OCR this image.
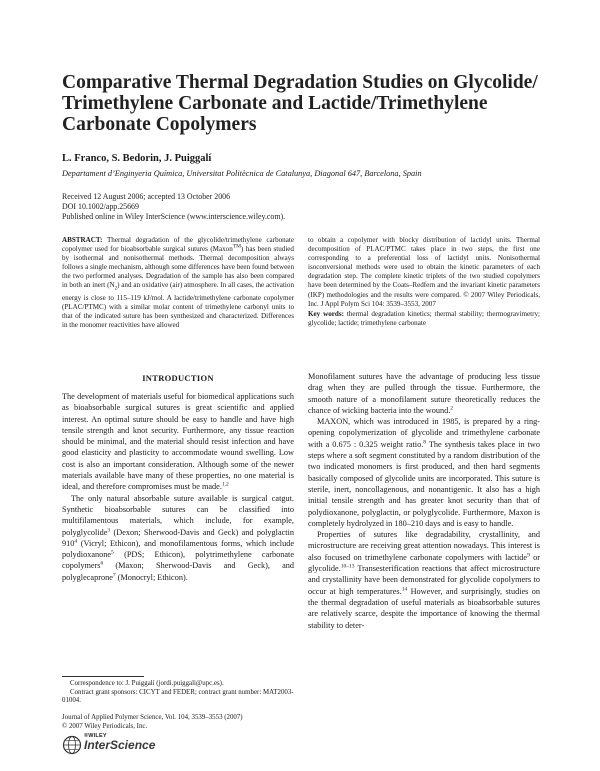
Comparative Thermal Degradation Studies on Glycolide/ Trimethylene Carbonate and Lactide/Trimethylene Carbonate Copolymers
L. Franco, S. Bedorin, J. Puiggalí
Departament d’Enginyeria Química, Universitat Politècnica de Catalunya, Diagonal 647, Barcelona, Spain
Received 12 August 2006; accepted 13 October 2006
DOI 10.1002/app.25669
Published online in Wiley InterScience (www.interscience.wiley.com).
ABSTRACT: Thermal degradation of the glycolide/trimethylene carbonate copolymer used for bioabsorbable surgical sutures (Maxon™) has been studied by isothermal and nonisothermal methods. Thermal decomposition always follows a single mechanism, although some differences have been found between the two performed analyses. Degradation of the sample has also been compared in both an inert $(N_2)$ and an oxidative (air) atmosphere. In all cases, the activation energy is close to 115–119 kJ/mol. A lactide/trimethylene carbonate copolymer (PLAC/PTMC) with a similar molar content of trimethylene carbonyl units to that of the indicated suture has been synthesized and characterized. Differences in the monomer reactivities have allowed
to obtain a copolymer with blocky distribution of lactidyl units. Thermal decomposition of PLAC/PTMC takes place in two steps, the first one corresponding to a preferential loss of lactidyl units. Nonisothermal isoconversional methods were used to obtain the kinetic parameters of each degradation step. The complete kinetic triplets of the two studied copolymers have been determined by the Coats–Redfern and the invariant kinetic parameters (IKP) methodologies and the results were compared. © 2007 Wiley Periodicals, Inc. J Appl Polym Sci 104: 3539–3553, 2007
Key words: thermal degradation kinetics; thermal stability; thermogravimetry; glycolide; lactide; trimethylene carbonate
INTRODUCTION

The development of materials useful for biomedical applications such as bioabsorbable surgical sutures is great scientific and applied interest. An optimal suture should be easy to handle and have high tensile strength and knot security. Furthermore, any tissue reaction should be minimal, and the material should resist infection and have good elasticity and plasticity to accommodate wound swelling. Low cost is also an important consideration. Although some of the newer materials available have many of these properties, no one material is ideal, and therefore compromises must be made.$^{1,2}$

The only natural absorbable suture available is surgical catgut. Synthetic bioabsorbable sutures can be classified into multifilamentous materials, which include, for example, polyglycolide$^3$ (Dexon; Sherwood-Davis and Geck) and polyglactin $910^4$ (Vicryl; Ethicon), and monofilamentous forms, which include polydioxanone$^5$ (PDS; Ethicon), polytrimethylene carbonate copolymers$^6$ (Maxon; Sherwood-Davis and Geck), and polyglecaprone$^7$ (Monocryl; Ethicon).

Monofilament sutures have the advantage of producing less tissue drag when they are pulled through the tissue. Furthermore, the smooth nature of a monofilament suture theoretically reduces the chance of wicking bacteria into the wound.$^2$

MAXON, which was introduced in 1985, is prepared by a ring-opening copolymerization of glycolide and trimethylene carbonate with a 0.675 : 0.325 weight ratio.$^8$ The synthesis takes place in two steps where a soft segment constituted by a random distribution of the two indicated monomers is first produced, and then hard segments basically composed of glycolide units are incorporated. This suture is sterile, inert, noncollagenous, and nonantigenic. It also has a high initial tensile strength and has greater knot security than that of polydioxanone, polyglactin, or polyglycolide. Furthermore, Maxon is completely hydrolyzed in 180–210 days and is easy to handle.

Properties of sutures like degradability, crystallinity, and microstructure are receiving great attention nowadays. This interest is also focused on trimethylene carbonate copolymers with lactide$^9$ or glycolide.$^{10-13}$ Transesterification reactions that affect microstructure and crystallinity have been demonstrated for glycolide copolymers to occur at high temperatures.$^{14}$ However, and surprisingly, studies on the thermal degradation of useful materials as bioabsorbable sutures are relatively scarce, despite the importance of knowing the thermal stability to deter-

Correspondence to: J. Puiggalí (jordi.puiggali@upc.es).
Contract grant sponsors: CICYT and FEDER; contract grant number: MAT2003-01004.
Journal of Applied Polymer Science, Vol. 104, 3539–3553 (2007)
© 2007 Wiley Periodicals, Inc.
®WILEY
InterScience
